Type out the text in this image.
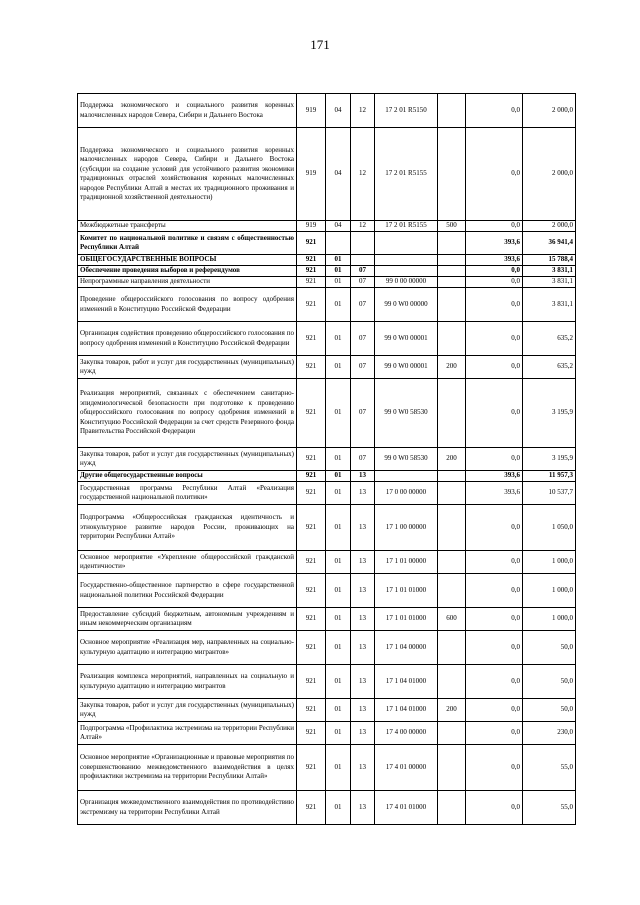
171
Поддержка экономического и социального развития коренных малочисленных народов Севера, Сибири и Дальнего Востока	919	04	12	17 2 01 R5150		0,0	2 000,0
Поддержка экономического и социального развития коренных малочисленных народов Севера, Сибири и Дальнего Востока (субсидии на создание условий для устойчивого развития экономики традиционных отраслей хозяйствования коренных малочисленных народов Республики Алтай в местах их традиционного проживания и традиционной хозяйственной деятельности)	919	04	12	17 2 01 R5155		0,0	2 000,0
Межбюджетные трансферты	919	04	12	17 2 01 R5155	500	0,0	2 000,0
Комитет по национальной политике и связям с общественностью Республики Алтай	921					393,6	36 941,4
ОБЩЕГОСУДАРСТВЕННЫЕ ВОПРОСЫ	921	01				393,6	15 788,4
Обеспечение проведения выборов и референдумов	921	01	07			0,0	3 831,1
Непрограммные направления деятельности	921	01	07	99 0 00 00000		0,0	3 831,1
Проведение общероссийского голосования по вопросу одобрения изменений в Конституцию Российской Федерации	921	01	07	99 0 W0 00000		0,0	3 831,1
Организация содействия проведению общероссийского голосования по вопросу одобрения изменений в Конституцию Российской Федерации	921	01	07	99 0 W0 00001		0,0	635,2
Закупка товаров, работ и услуг для государственных (муниципальных) нужд	921	01	07	99 0 W0 00001	200	0,0	635,2
Реализация мероприятий, связанных с обеспечением санитарно-эпидемиологической безопасности при подготовке к проведению общероссийского голосования по вопросу одобрения изменений в Конституцию Российской Федерации за счет средств Резервного фонда Правительства Российской Федерации	921	01	07	99 0 W0 58530		0,0	3 195,9
Закупка товаров, работ и услуг для государственных (муниципальных) нужд	921	01	07	99 0 W0 58530	200	0,0	3 195,9
Другие общегосударственные вопросы	921	01	13			393,6	11 957,3
Государственная программа Республики Алтай «Реализация государственной национальной политики»	921	01	13	17 0 00 00000		393,6	10 537,7
Подпрограмма «Общероссийская гражданская идентичность и этнокультурное развитие народов России, проживающих на территории Республики Алтай»	921	01	13	17 1 00 00000		0,0	1 050,0
Основное мероприятие «Укрепление общероссийской гражданской идентичности»	921	01	13	17 1 01 00000		0,0	1 000,0
Государственно-общественное партнерство в сфере государственной национальной политики Российской Федерации	921	01	13	17 1 01 01000		0,0	1 000,0
Предоставление субсидий бюджетным, автономным учреждениям и иным некоммерческим организациям	921	01	13	17 1 01 01000	600	0,0	1 000,0
Основное мероприятие «Реализация мер, направленных на социально-культурную адаптацию и интеграцию мигрантов»	921	01	13	17 1 04 00000		0,0	50,0
Реализация комплекса мероприятий, направленных на социальную и культурную адаптацию и интеграцию мигрантов	921	01	13	17 1 04 01000		0,0	50,0
Закупка товаров, работ и услуг для государственных (муниципальных) нужд	921	01	13	17 1 04 01000	200	0,0	50,0
Подпрограмма «Профилактика экстремизма на территории Республики Алтай»	921	01	13	17 4 00 00000		0,0	230,0
Основное мероприятие «Организационные и правовые мероприятия по совершенствованию межведомственного взаимодействия в целях профилактики экстремизма на территории Республики Алтай»	921	01	13	17 4 01 00000		0,0	55,0
Организация межведомственного взаимодействия по противодействию экстремизму на территории Республики Алтай	921	01	13	17 4 01 01000		0,0	55,0
